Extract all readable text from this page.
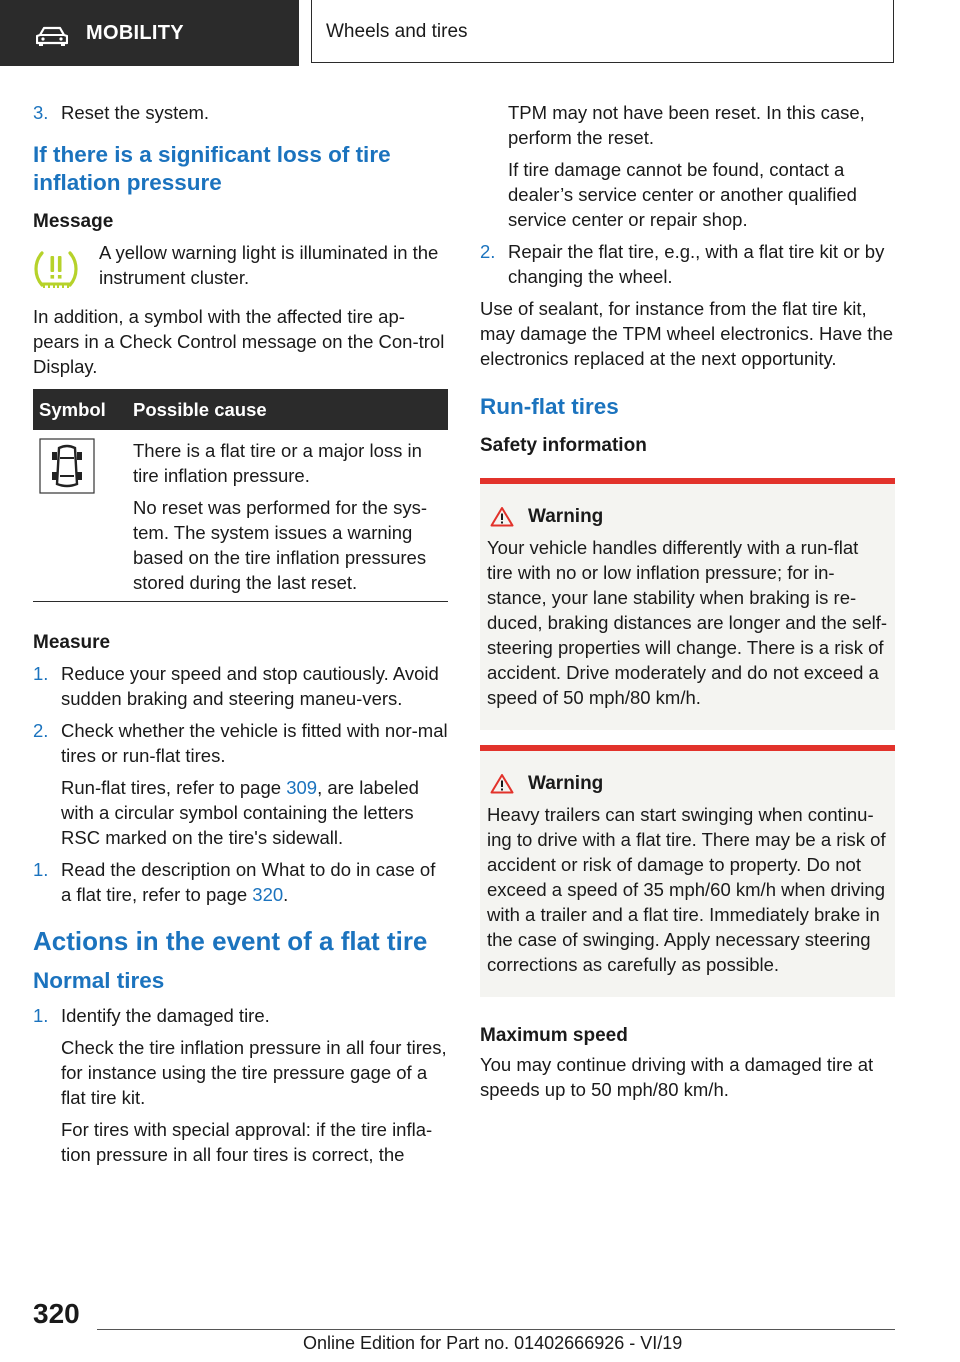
MOBILITY	Wheels and tires
3. Reset the system.
If there is a significant loss of tire inflation pressure
Message
A yellow warning light is illuminated in the instrument cluster.

In addition, a symbol with the affected tire ap-pears in a Check Control message on the Con-trol Display.

Symbol	Possible cause

There is a flat tire or a major loss in tire inflation pressure.

No reset was performed for the sys-tem. The system issues a warning based on the tire inflation pressures stored during the last reset.

Measure
1. Reduce your speed and stop cautiously. Avoid sudden braking and steering maneu-vers.
2. Check whether the vehicle is fitted with nor-mal tires or run-flat tires.
Run-flat tires, refer to page 309, are labeled with a circular symbol containing the letters RSC marked on the tire's sidewall.
1. Read the description on What to do in case of a flat tire, refer to page 320.
Actions in the event of a flat tire
Normal tires
1. Identify the damaged tire.
Check the tire inflation pressure in all four tires, for instance using the tire pressure gage of a flat tire kit.
For tires with special approval: if the tire infla-tion pressure in all four tires is correct, the
TPM may not have been reset. In this case, perform the reset.
If tire damage cannot be found, contact a dealer’s service center or another qualified service center or repair shop.
2. Repair the flat tire, e.g., with a flat tire kit or by changing the wheel.

Use of sealant, for instance from the flat tire kit, may damage the TPM wheel electronics. Have the electronics replaced at the next opportunity.

Run-flat tires
Safety information
Warning
Your vehicle handles differently with a run-flat tire with no or low inflation pressure; for in-stance, your lane stability when braking is re-duced, braking distances are longer and the self-steering properties will change. There is a risk of accident. Drive moderately and do not exceed a speed of 50 mph/80 km/h.
Warning
Heavy trailers can start swinging when continu-ing to drive with a flat tire. There may be a risk of accident or risk of damage to property. Do not exceed a speed of 35 mph/60 km/h when driving with a trailer and a flat tire. Immediately brake in the case of swinging. Apply necessary steering corrections as carefully as possible.
Maximum speed

You may continue driving with a damaged tire at speeds up to 50 mph/80 km/h.

320
Online Edition for Part no. 01402666926 - VI/19
